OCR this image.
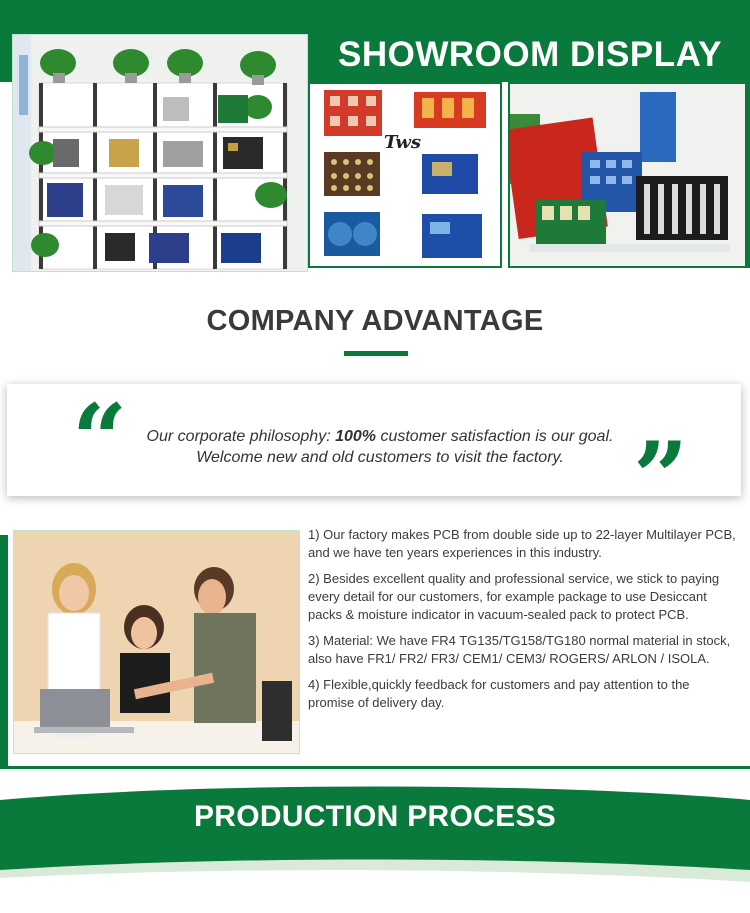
SHOWROOM DISPLAY
Tws
COMPANY ADVANTAGE
“	”
Our corporate philosophy: 100% customer satisfaction is our goal.
Welcome new and old customers to visit the factory.

1) Our factory makes PCB from double side up to 22-layer Multilayer PCB, and we have ten years experiences in this industry.

2) Besides excellent quality and professional service, we stick to paying every detail for our customers, for example package to use Desiccant packs & moisture indicator in vacuum-sealed pack to protect PCB.

3) Material: We have FR4 TG135/TG158/TG180 normal material in stock, also have FR1/ FR2/ FR3/ CEM1/ CEM3/ ROGERS/ ARLON / ISOLA.

4) Flexible,quickly feedback for customers and pay attention to the promise of delivery day.

PRODUCTION PROCESS
